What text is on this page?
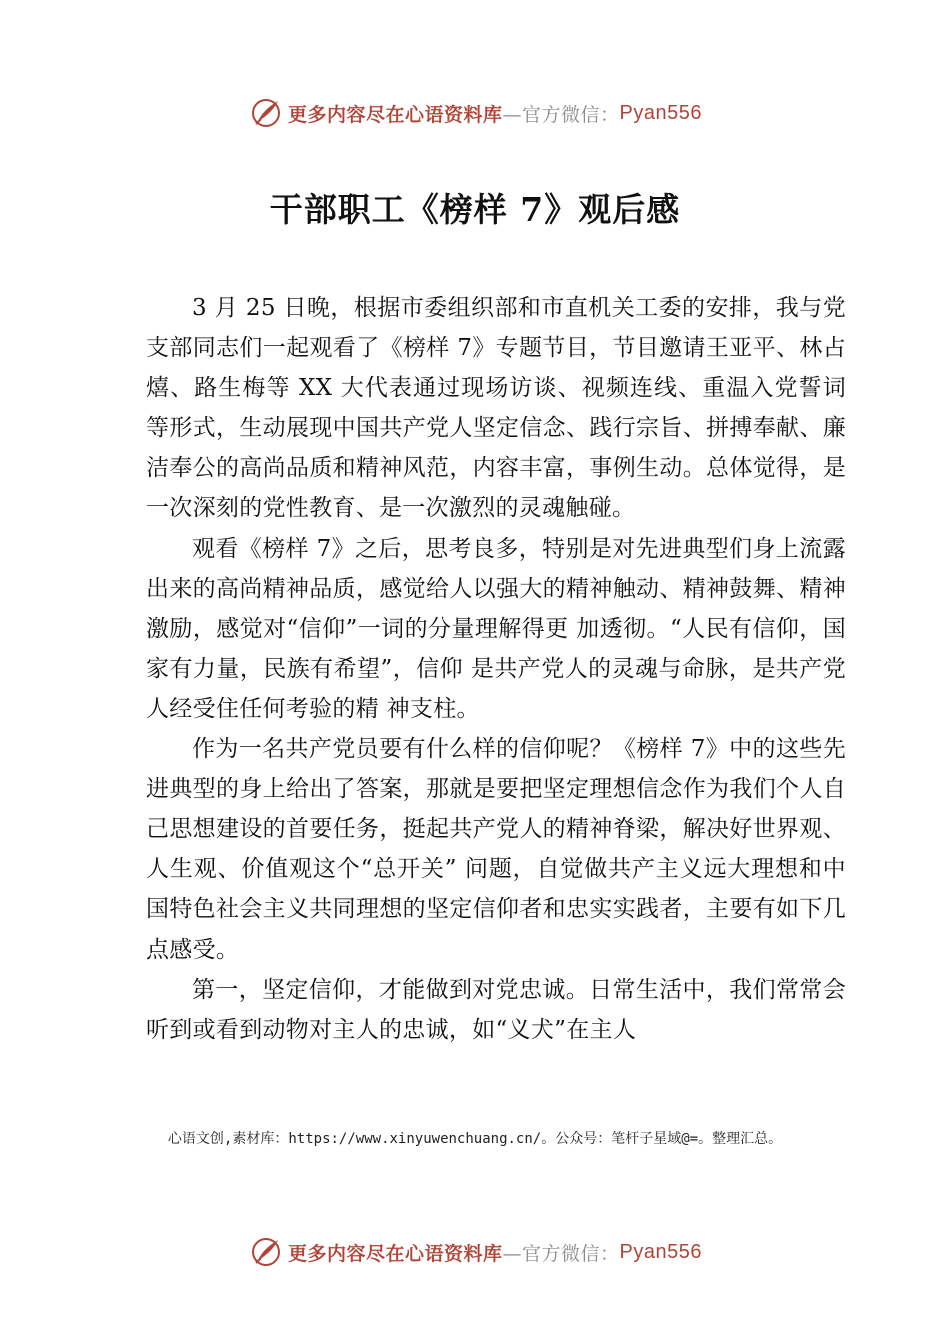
更多内容尽在心语资料库 —官方微信： Pyan556
干部职工《榜样 7》观后感

3 月 25 日晚，根据市委组织部和市直机关工委的安排，我与党支部同志们一起观看了《榜样 7》专题节目，节目邀请王亚平、林占熺、路生梅等 XX 大代表通过现场访谈、视频连线、重温入党誓词等形式，生动展现中国共产党人坚定信念、践行宗旨、拼搏奉献、廉洁奉公的高尚品质和精神风范，内容丰富，事例生动。总体觉得，是一次深刻的党性教育、是一次激烈的灵魂触碰。

观看《榜样 7》之后，思考良多，特别是对先进典型们身上流露出来的高尚精神品质，感觉给人以强大的精神触动、精神鼓舞、精神激励，感觉对“信仰”一词的分量理解得更 加透彻。“人民有信仰，国家有力量，民族有希望”，信仰 是共产党人的灵魂与命脉，是共产党人经受住任何考验的精 神支柱。

作为一名共产党员要有什么样的信仰呢？《榜样 7》中的这些先进典型的身上给出了答案，那就是要把坚定理想信念作为我们个人自己思想建设的首要任务，挺起共产党人的精神脊梁，解决好世界观、人生观、价值观这个“总开关” 问题，自觉做共产主义远大理想和中国特色社会主义共同理想的坚定信仰者和忠实实践者，主要有如下几点感受。

第一，坚定信仰，才能做到对党忠诚。日常生活中，我们常常会听到或看到动物对主人的忠诚，如“义犬”在主人

心语文创,素材库：https://www.xinyuwenchuang.cn/。公众号：笔杆子星域@=。整理汇总。
更多内容尽在心语资料库 —官方微信： Pyan556
